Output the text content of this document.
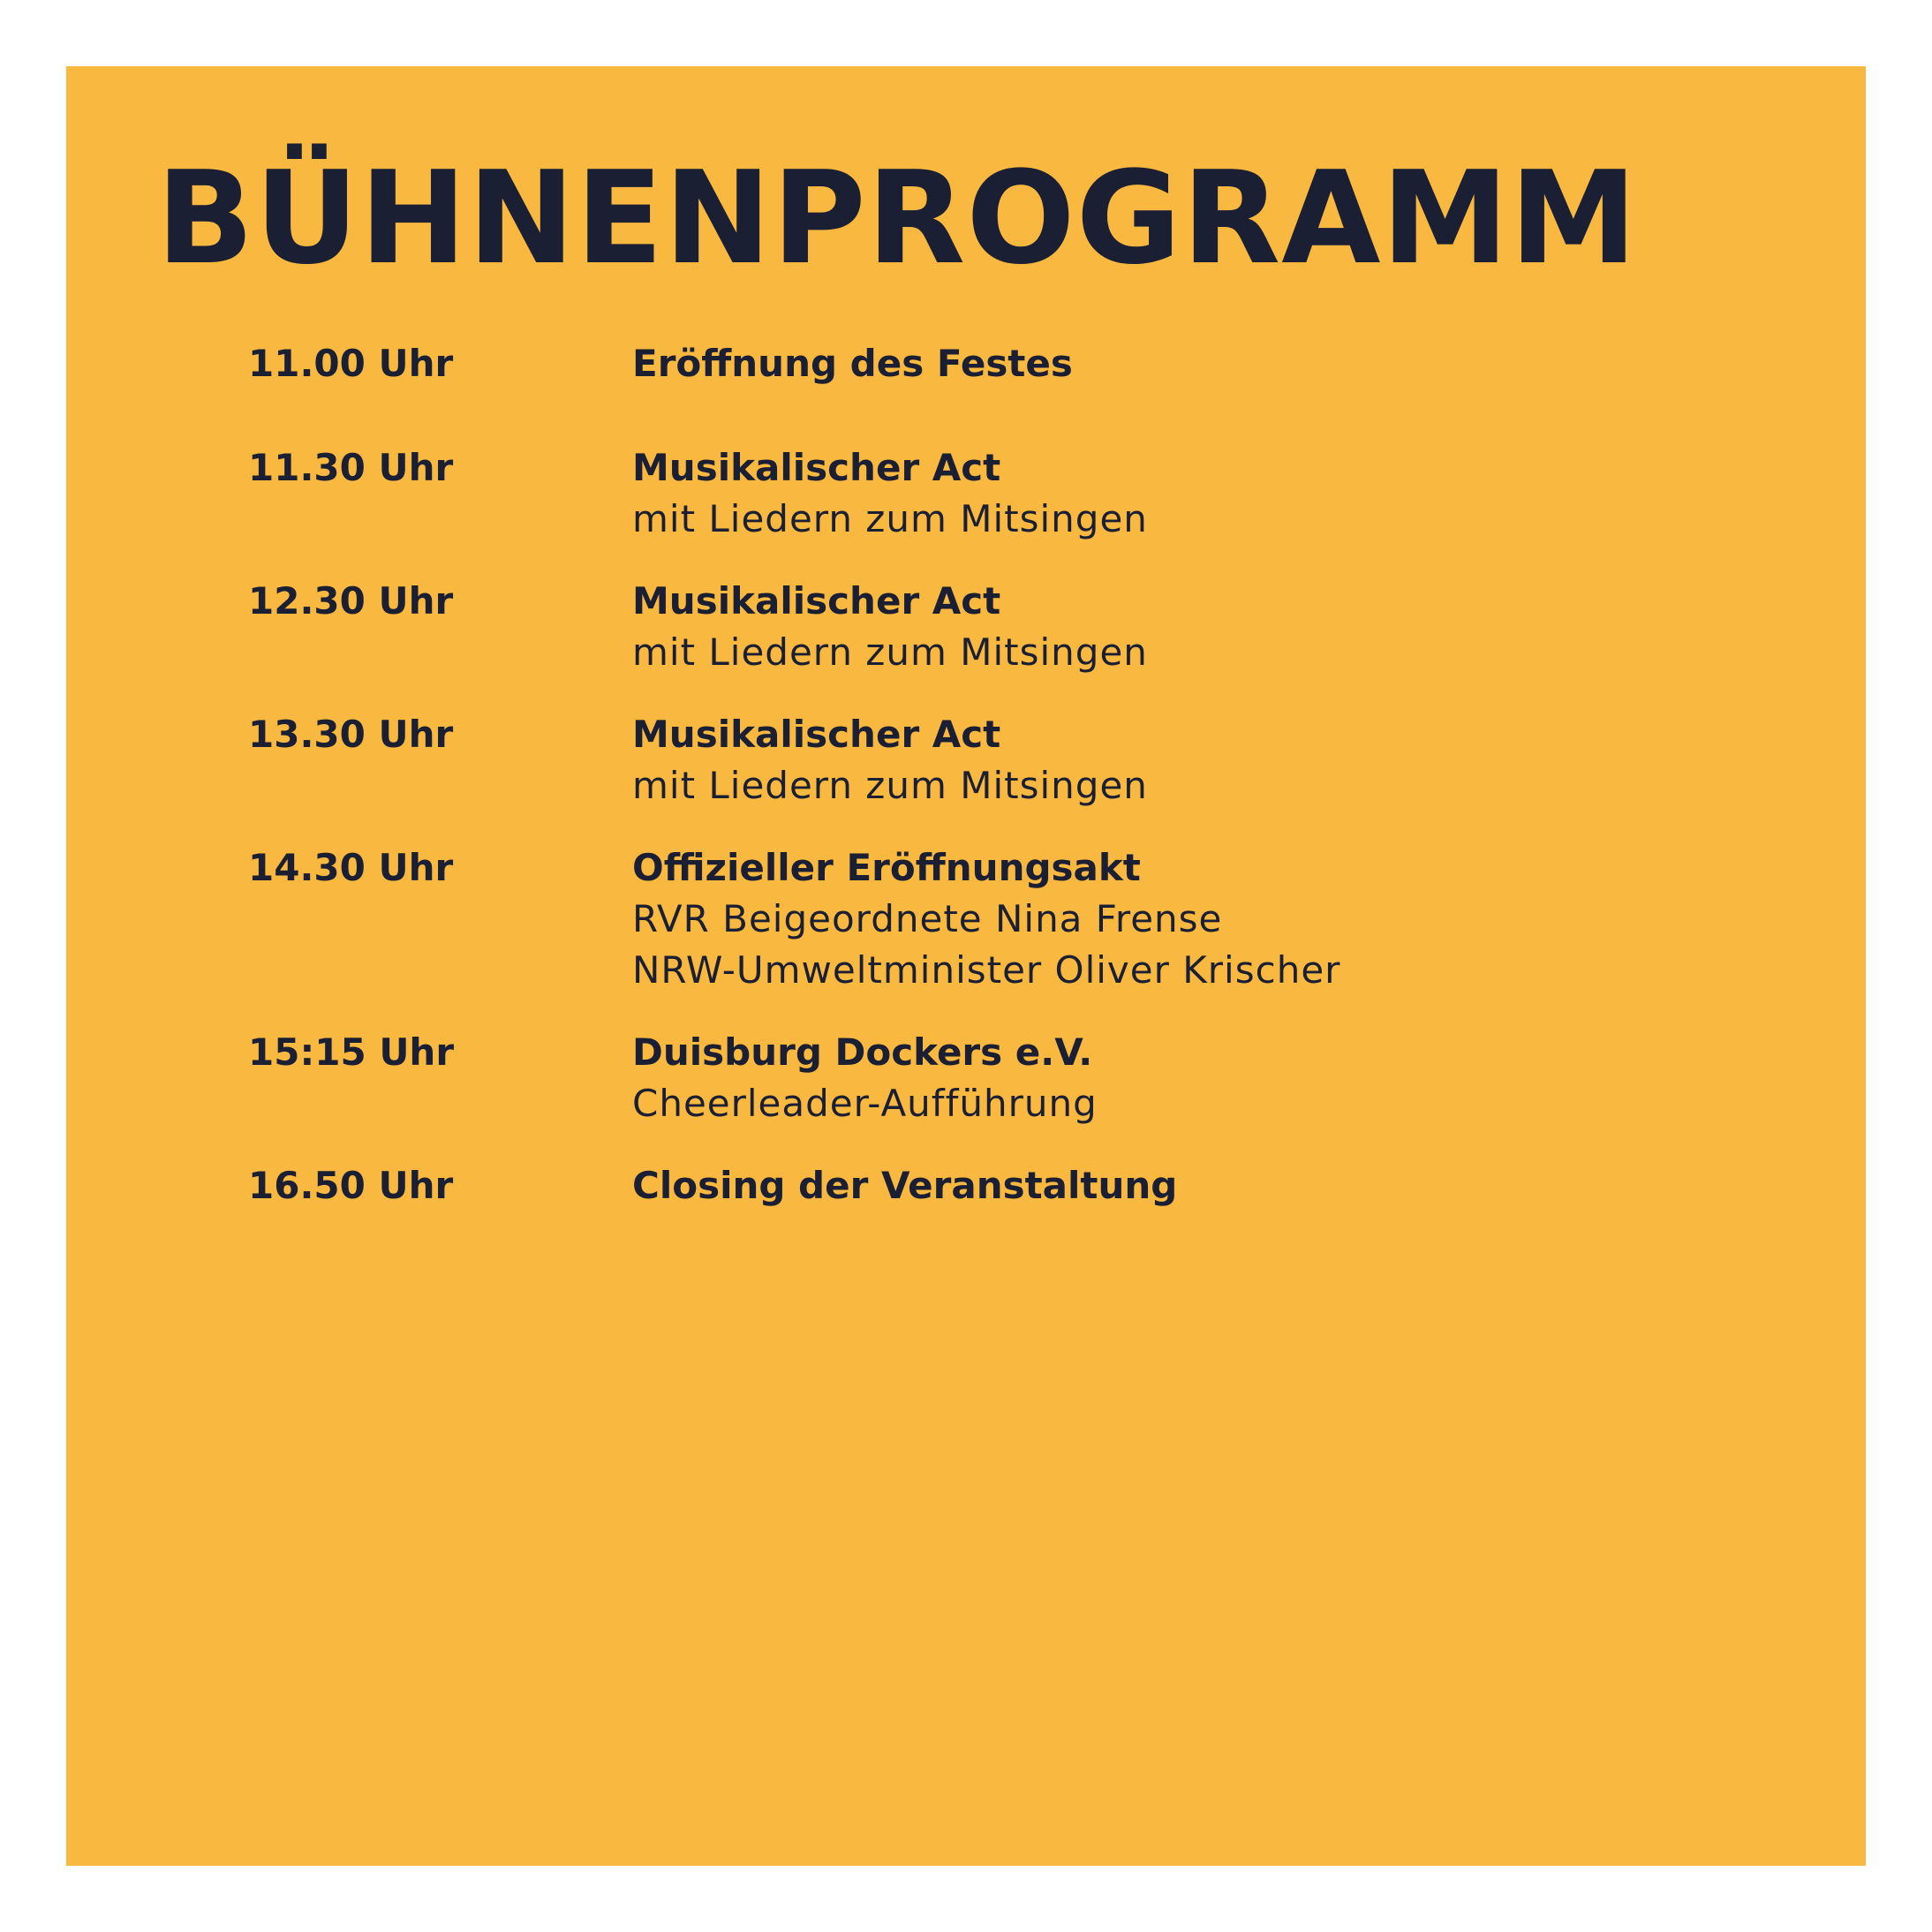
BÜHNENPROGRAMM
11.00 Uhr	Eröffnung des Festes
11.30 Uhr	Musikalischer Act
mit Liedern zum Mitsingen
12.30 Uhr	Musikalischer Act
mit Liedern zum Mitsingen
13.30 Uhr	Musikalischer Act
mit Liedern zum Mitsingen
14.30 Uhr	Offizieller Eröffnungsakt
RVR Beigeordnete Nina Frense
NRW-Umweltminister Oliver Krischer
15:15 Uhr	Duisburg Dockers e.V.
Cheerleader-Aufführung
16.50 Uhr	Closing der Veranstaltung
